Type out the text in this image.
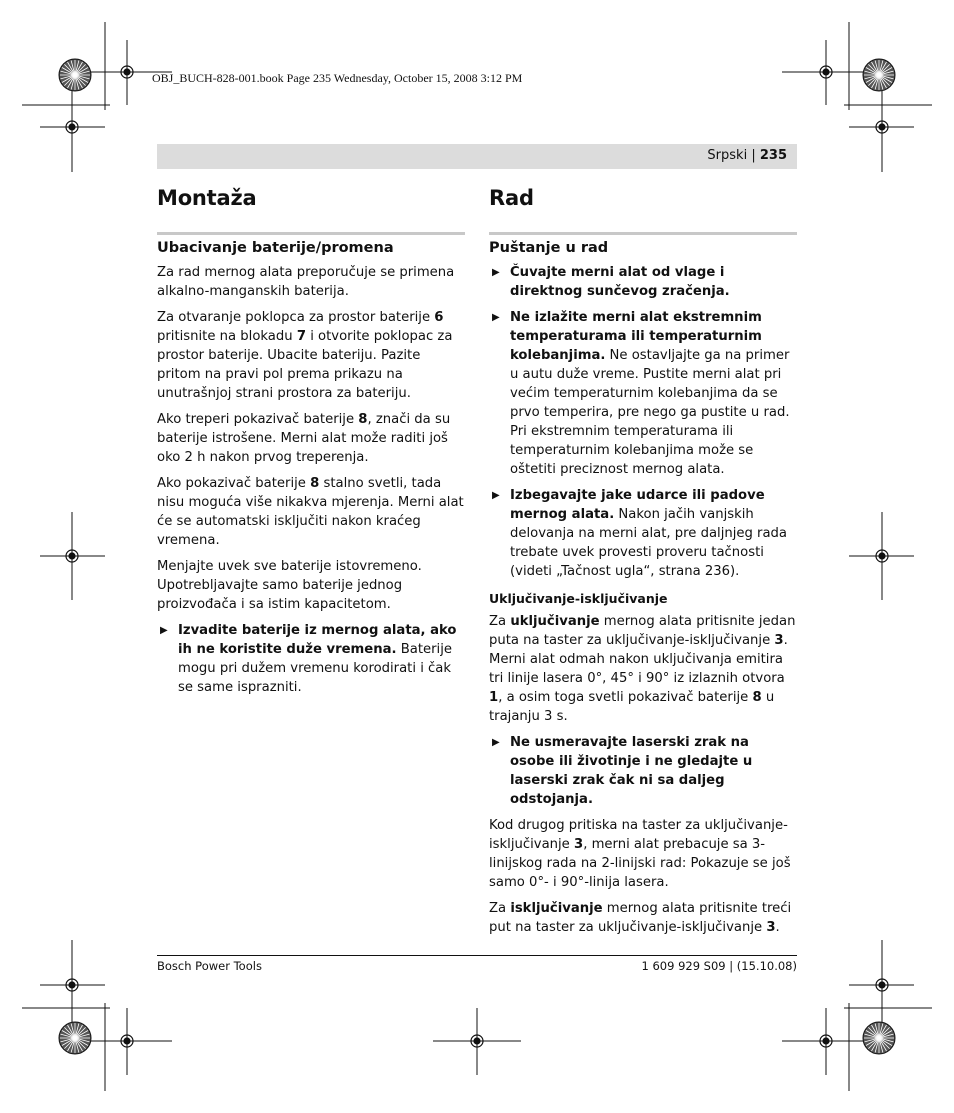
OBJ_BUCH-828-001.book Page 235 Wednesday, October 15, 2008 3:12 PM
Srpski | 235
Montaža
Ubacivanje baterije/promena

Za rad mernog alata preporučuje se primena alkalno-manganskih baterija.

Za otvaranje poklopca za prostor baterije 6 pritisnite na blokadu 7 i otvorite poklopac za prostor baterije. Ubacite bateriju. Pazite pritom na pravi pol prema prikazu na unutrašnjoj strani prostora za bateriju.

Ako treperi pokazivač baterije 8, znači da su baterije istrošene. Merni alat može raditi još oko 2 h nakon prvog treperenja.

Ako pokazivač baterije 8 stalno svetli, tada nisu moguća više nikakva mjerenja. Merni alat će se automatski isključiti nakon kraćeg vremena.

Menjajte uvek sve baterije istovremeno. Upotrebljavajte samo baterije jednog proizvođača i sa istim kapacitetom.

▶ Izvadite baterije iz mernog alata, ako ih ne koristite duže vremena. Baterije mogu pri dužem vremenu korodirati i čak se same isprazniti.
Rad
Puštanje u rad
▶ Čuvajte merni alat od vlage i direktnog sunčevog zračenja.
▶ Ne izlažite merni alat ekstremnim temperaturama ili temperaturnim kolebanjima. Ne ostavljajte ga na primer u autu duže vreme. Pustite merni alat pri većim temperaturnim kolebanjima da se prvo temperira, pre nego ga pustite u rad. Pri ekstremnim temperaturama ili temperaturnim kolebanjima može se oštetiti preciznost mernog alata.
▶ Izbegavajte jake udarce ili padove mernog alata. Nakon jačih vanjskih delovanja na merni alat, pre daljnjeg rada trebate uvek provesti proveru tačnosti (videti „Tačnost ugla“, strana 236).
Uključivanje-isključivanje

Za uključivanje mernog alata pritisnite jedan puta na taster za uključivanje-isključivanje 3. Merni alat odmah nakon uključivanja emitira tri linije lasera 0°, 45° i 90° iz izlaznih otvora 1, a osim toga svetli pokazivač baterije 8 u trajanju 3 s.

▶ Ne usmeravajte laserski zrak na osobe ili životinje i ne gledajte u laserski zrak čak ni sa daljeg odstojanja.

Kod drugog pritiska na taster za uključivanje-isključivanje 3, merni alat prebacuje sa 3-linijskog rada na 2-linijski rad: Pokazuje se još samo 0°- i 90°-linija lasera.

Za isključivanje mernog alata pritisnite treći put na taster za uključivanje-isključivanje 3.

Bosch Power Tools	1 609 929 S09 | (15.10.08)
